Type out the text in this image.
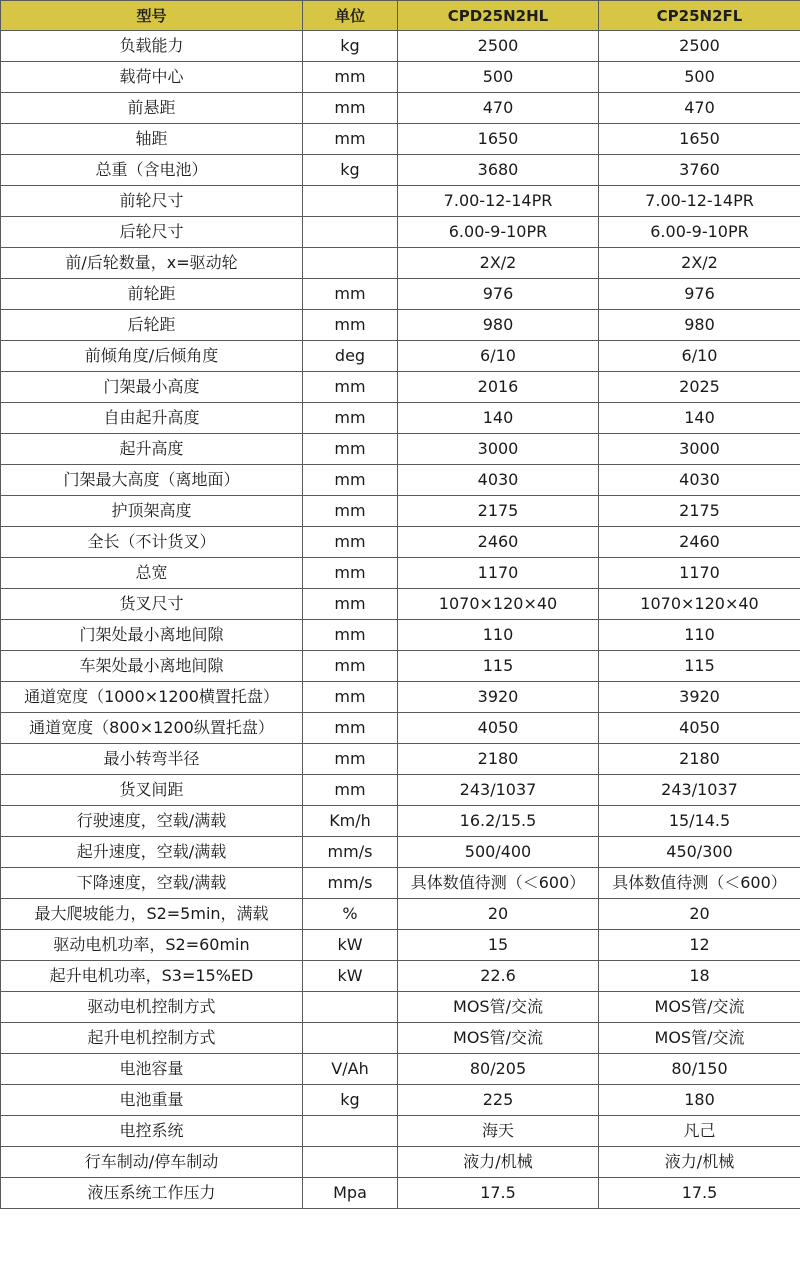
型号	单位	CPD25N2HL	CP25N2FL
负载能力	kg	2500	2500
载荷中心	mm	500	500
前悬距	mm	470	470
轴距	mm	1650	1650
总重（含电池）	kg	3680	3760
前轮尺寸		7.00-12-14PR	7.00-12-14PR
后轮尺寸		6.00-9-10PR	6.00-9-10PR
前/后轮数量，x=驱动轮		2X/2	2X/2
前轮距	mm	976	976
后轮距	mm	980	980
前倾角度/后倾角度	deg	6/10	6/10
门架最小高度	mm	2016	2025
自由起升高度	mm	140	140
起升高度	mm	3000	3000
门架最大高度（离地面）	mm	4030	4030
护顶架高度	mm	2175	2175
全长（不计货叉）	mm	2460	2460
总宽	mm	1170	1170
货叉尺寸	mm	1070×120×40	1070×120×40
门架处最小离地间隙	mm	110	110
车架处最小离地间隙	mm	115	115
通道宽度（1000×1200横置托盘）	mm	3920	3920
通道宽度（800×1200纵置托盘）	mm	4050	4050
最小转弯半径	mm	2180	2180
货叉间距	mm	243/1037	243/1037
行驶速度，空载/满载	Km/h	16.2/15.5	15/14.5
起升速度，空载/满载	mm/s	500/400	450/300
下降速度，空载/满载	mm/s	具体数值待测（＜600）	具体数值待测（＜600）
最大爬坡能力，S2=5min，满载	%	20	20
驱动电机功率，S2=60min	kW	15	12
起升电机功率，S3=15%ED	kW	22.6	18
驱动电机控制方式		MOS管/交流	MOS管/交流
起升电机控制方式		MOS管/交流	MOS管/交流
电池容量	V/Ah	80/205	80/150
电池重量	kg	225	180
电控系统		海天	凡己
行车制动/停车制动		液力/机械	液力/机械
液压系统工作压力	Mpa	17.5	17.5
